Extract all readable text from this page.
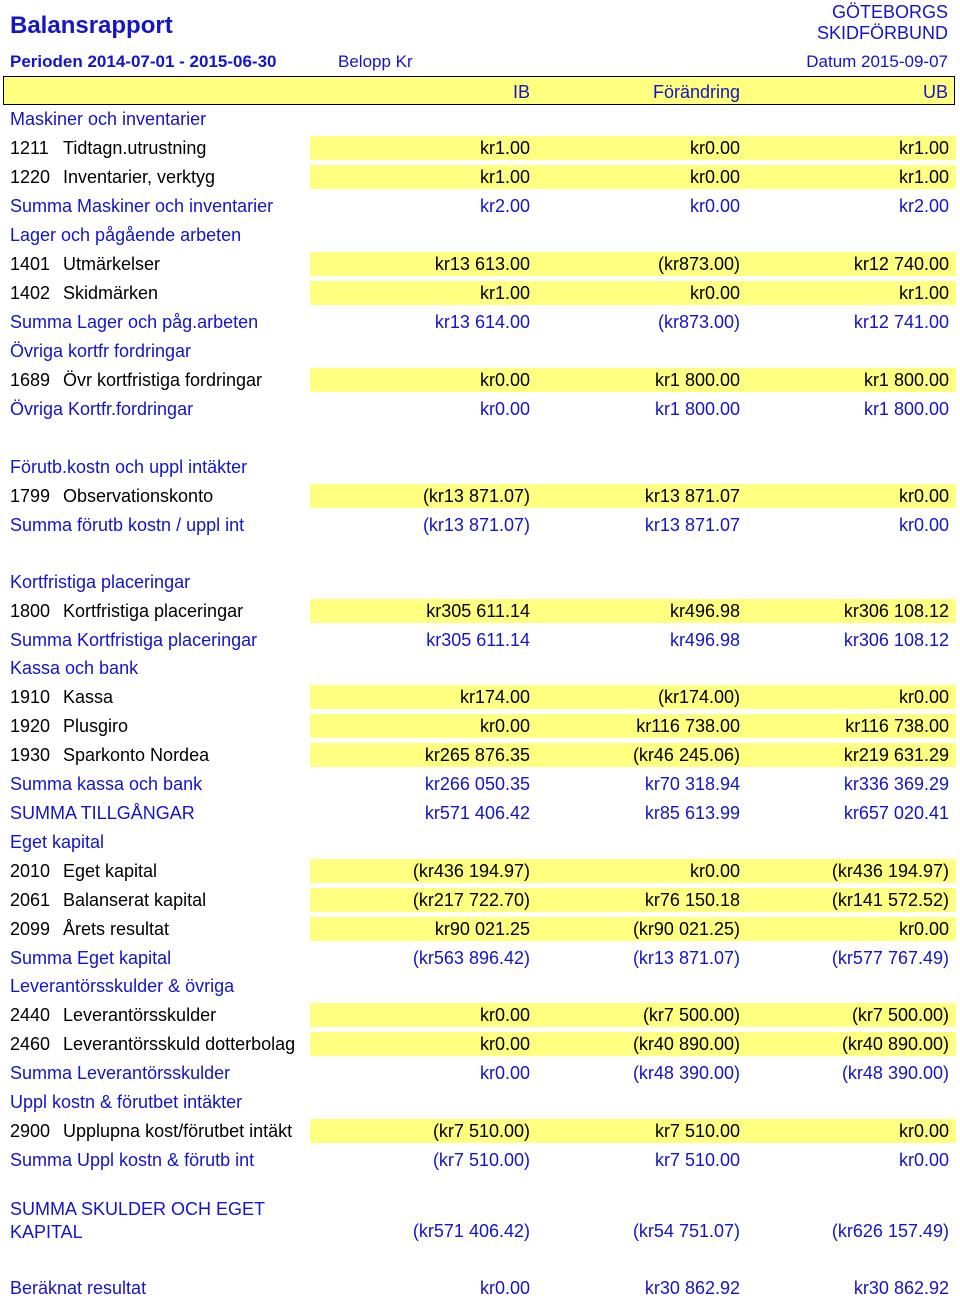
Balansrapport	GÖTEBORGS
SKIDFÖRBUND
Perioden 2014-07-01 - 2015-06-30	Belopp Kr	Datum 2015-09-07
IB	Förändring	UB
Maskiner och inventarier
1211 Tidtagn.utrustning	kr1.00	kr0.00	kr1.00
1220 Inventarier, verktyg	kr1.00	kr0.00	kr1.00
Summa Maskiner och inventarier	kr2.00	kr0.00	kr2.00
Lager och pågående arbeten
1401 Utmärkelser	kr13 613.00	(kr873.00)	kr12 740.00
1402 Skidmärken	kr1.00	kr0.00	kr1.00
Summa Lager och påg.arbeten	kr13 614.00	(kr873.00)	kr12 741.00
Övriga kortfr fordringar
1689 Övr kortfristiga fordringar	kr0.00	kr1 800.00	kr1 800.00
Övriga Kortfr.fordringar	kr0.00	kr1 800.00	kr1 800.00
Förutb.kostn och uppl intäkter
1799 Observationskonto	(kr13 871.07)	kr13 871.07	kr0.00
Summa förutb kostn / uppl int	(kr13 871.07)	kr13 871.07	kr0.00
Kortfristiga placeringar
1800 Kortfristiga placeringar	kr305 611.14	kr496.98	kr306 108.12
Summa Kortfristiga placeringar	kr305 611.14	kr496.98	kr306 108.12
Kassa och bank
1910 Kassa	kr174.00	(kr174.00)	kr0.00
1920 Plusgiro	kr0.00	kr116 738.00	kr116 738.00
1930 Sparkonto Nordea	kr265 876.35	(kr46 245.06)	kr219 631.29
Summa kassa och bank	kr266 050.35	kr70 318.94	kr336 369.29
SUMMA TILLGÅNGAR	kr571 406.42	kr85 613.99	kr657 020.41
Eget kapital
2010 Eget kapital	(kr436 194.97)	kr0.00	(kr436 194.97)
2061 Balanserat kapital	(kr217 722.70)	kr76 150.18	(kr141 572.52)
2099 Årets resultat	kr90 021.25	(kr90 021.25)	kr0.00
Summa Eget kapital	(kr563 896.42)	(kr13 871.07)	(kr577 767.49)
Leverantörsskulder & övriga
2440 Leverantörsskulder	kr0.00	(kr7 500.00)	(kr7 500.00)
2460 Leverantörsskuld dotterbolag	kr0.00	(kr40 890.00)	(kr40 890.00)
Summa Leverantörsskulder	kr0.00	(kr48 390.00)	(kr48 390.00)
Uppl kostn & förutbet intäkter
2900 Upplupna kost/förutbet intäkt	(kr7 510.00)	kr7 510.00	kr0.00
Summa Uppl kostn & förutb int	(kr7 510.00)	kr7 510.00	kr0.00
SUMMA SKULDER OCH EGET
KAPITAL	(kr571 406.42)	(kr54 751.07)	(kr626 157.49)
Beräknat resultat	kr0.00	kr30 862.92	kr30 862.92
